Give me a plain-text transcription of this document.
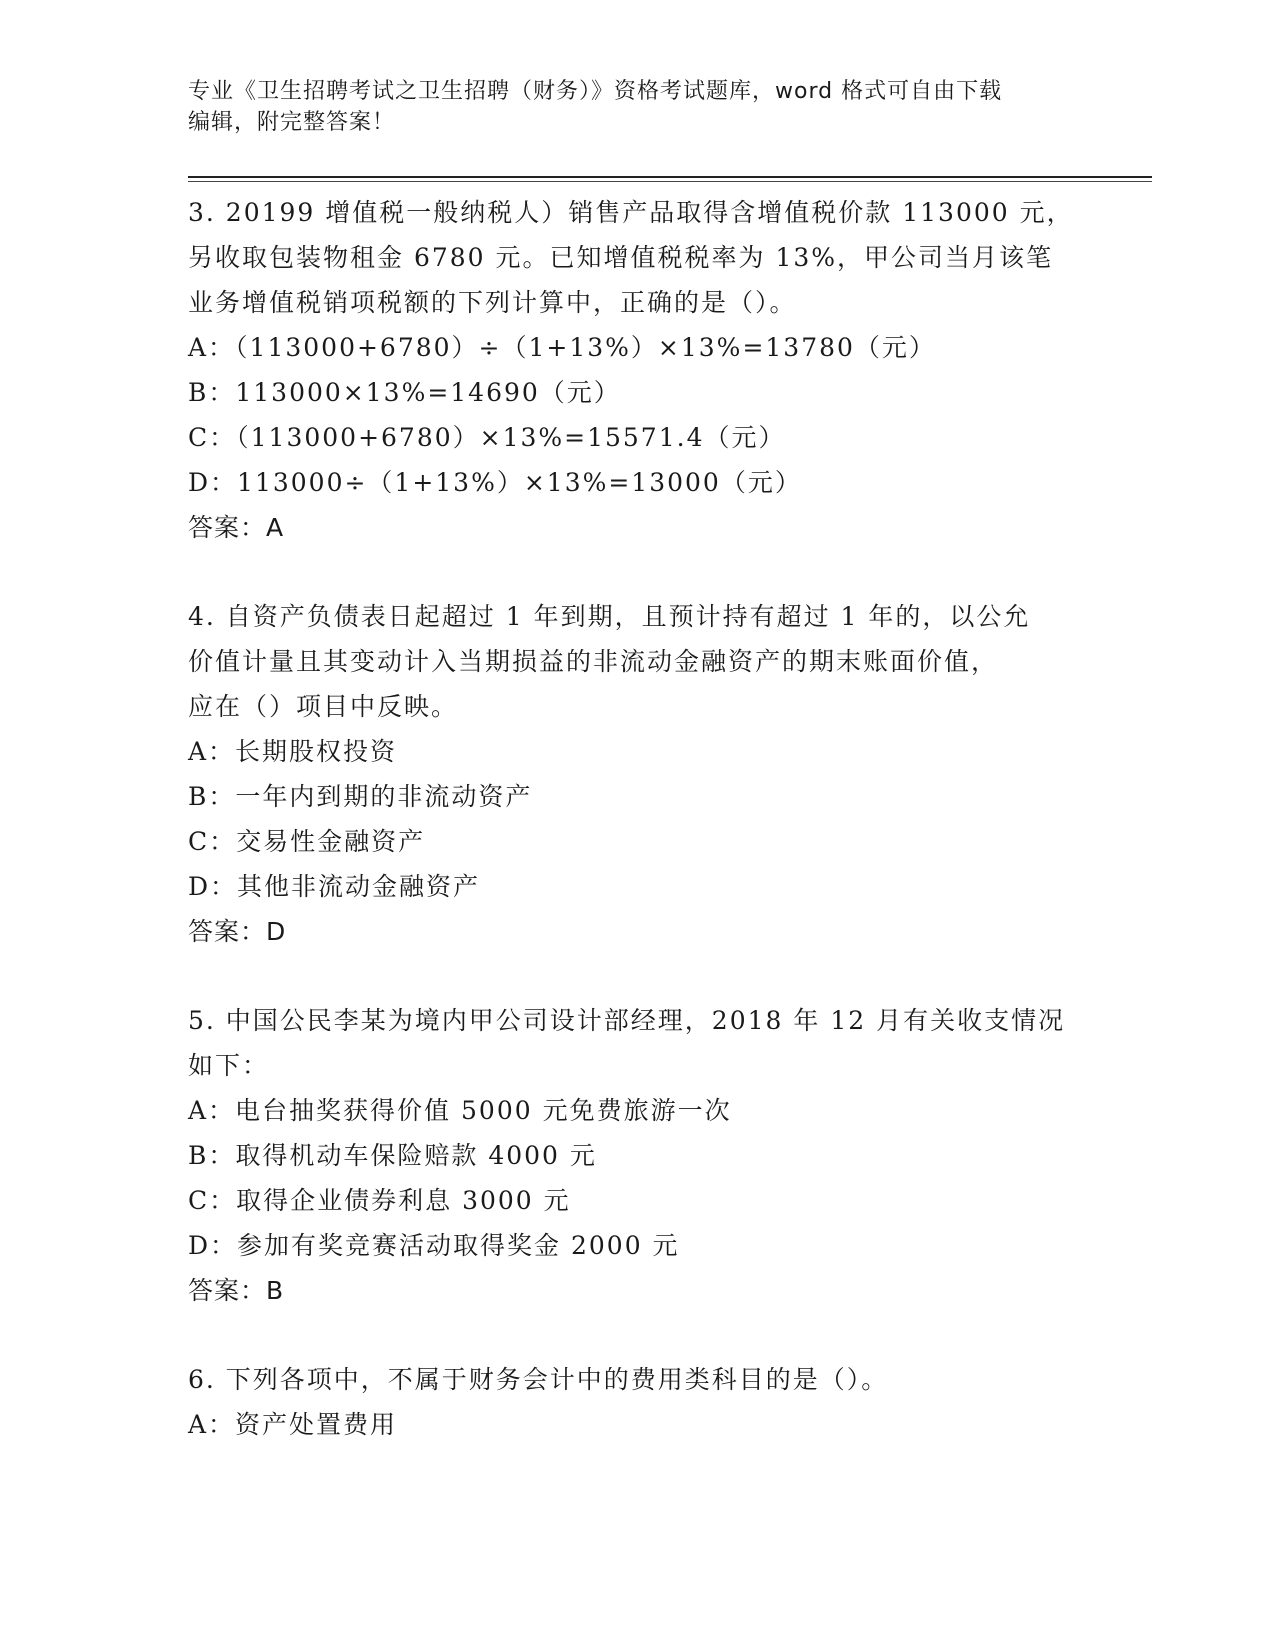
专业《卫生招聘考试之卫生招聘（财务）》资格考试题库，word 格式可自由下载
编辑，附完整答案！
3. 20199 增值税一般纳税人）销售产品取得含增值税价款 113000 元，
另收取包装物租金 6780 元。已知增值税税率为 13%，甲公司当月该笔
业务增值税销项税额的下列计算中，正确的是（）。
A：（113000+6780）÷（1+13%）×13%=13780（元）
B：113000×13%=14690（元）
C：（113000+6780）×13%=15571.4（元）
D：113000÷（1+13%）×13%=13000（元）
答案：A
4. 自资产负债表日起超过 1 年到期，且预计持有超过 1 年的，以公允
价值计量且其变动计入当期损益的非流动金融资产的期末账面价值，
应在（）项目中反映。
A：长期股权投资
B：一年内到期的非流动资产
C：交易性金融资产
D：其他非流动金融资产
答案：D
5. 中国公民李某为境内甲公司设计部经理，2018 年 12 月有关收支情况
如下：
A：电台抽奖获得价值 5000 元免费旅游一次
B：取得机动车保险赔款 4000 元
C：取得企业债券利息 3000 元
D：参加有奖竞赛活动取得奖金 2000 元
答案：B
6. 下列各项中，不属于财务会计中的费用类科目的是（）。
A：资产处置费用
